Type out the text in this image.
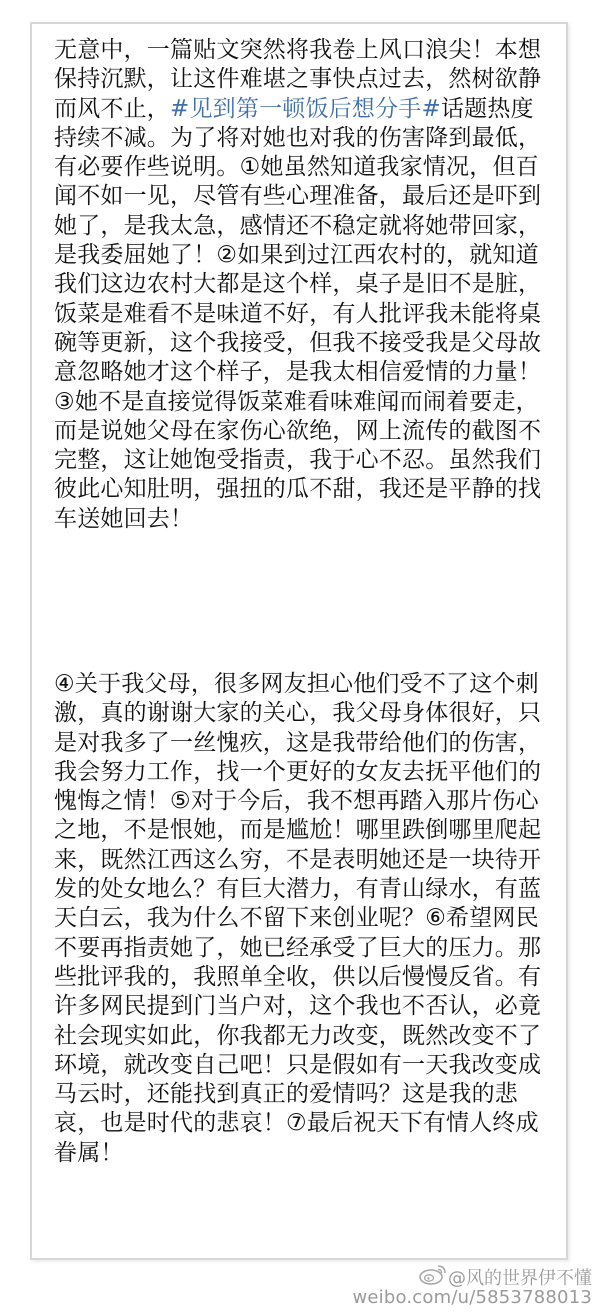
无意中，一篇贴文突然将我卷上风口浪尖！本想保持沉默，让这件难堪之事快点过去，然树欲静而风不止，#见到第一顿饭后想分手#话题热度持续不减。为了将对她也对我的伤害降到最低，有必要作些说明。①她虽然知道我家情况，但百闻不如一见，尽管有些心理准备，最后还是吓到她了，是我太急，感情还不稳定就将她带回家，是我委屈她了！②如果到过江西农村的，就知道我们这边农村大都是这个样，桌子是旧不是脏，饭菜是难看不是味道不好，有人批评我未能将桌碗等更新，这个我接受，但我不接受我是父母故意忽略她才这个样子，是我太相信爱情的力量！③她不是直接觉得饭菜难看味难闻而闹着要走，而是说她父母在家伤心欲绝，网上流传的截图不完整，这让她饱受指责，我于心不忍。虽然我们彼此心知肚明，强扭的瓜不甜，我还是平静的找车送她回去！
④关于我父母，很多网友担心他们受不了这个刺激，真的谢谢大家的关心，我父母身体很好，只是对我多了一丝愧疚，这是我带给他们的伤害，我会努力工作，找一个更好的女友去抚平他们的愧悔之情！⑤对于今后，我不想再踏入那片伤心之地，不是恨她，而是尴尬！哪里跌倒哪里爬起来，既然江西这么穷，不是表明她还是一块待开发的处女地么？有巨大潜力，有青山绿水，有蓝天白云，我为什么不留下来创业呢？⑥希望网民不要再指责她了，她已经承受了巨大的压力。那些批评我的，我照单全收，供以后慢慢反省。有许多网民提到门当户对，这个我也不否认，必竟社会现实如此，你我都无力改变，既然改变不了环境，就改变自己吧！只是假如有一天我改变成马云时，还能找到真正的爱情吗？这是我的悲哀，也是时代的悲哀！⑦最后祝天下有情人终成眷属！
@风的世界伊不懂
weibo.com/u/5853788013
